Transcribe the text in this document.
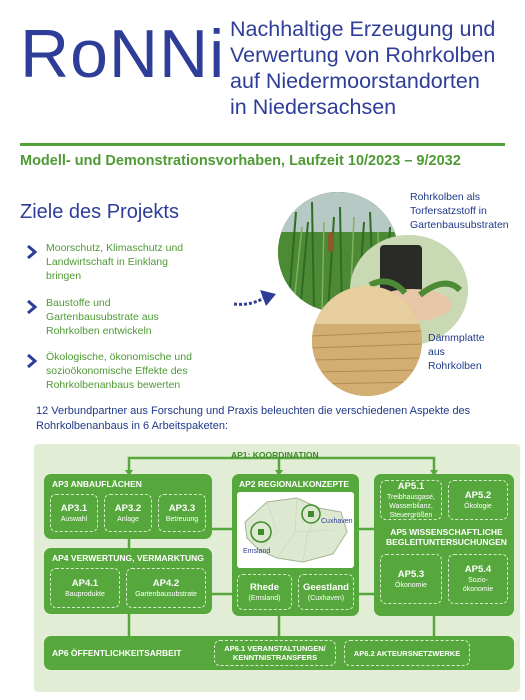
RoNNi Nachhaltige Erzeugung und
Verwertung von Rohrkolben
auf Niedermoorstandorten
in Niedersachsen
Modell- und Demonstrationsvorhaben, Laufzeit 10/2023 – 9/2032
Ziele des Projekts
Moorschutz, Klimaschutz und
Landwirtschaft in Einklang
bringen
Baustoffe und
Gartenbausubstrate aus
Rohrkolben entwickeln
Ökologische, ökonomische und
sozioökonomische Effekte des
Rohrkolbenanbaus bewerten
Rohrkolben als
Torfersatzstoff in
Gartenbausubstraten
Dämmplatte
aus
Rohrkolben
12 Verbundpartner aus Forschung und Praxis beleuchten die verschiedenen Aspekte des
Rohrkolbenanbaus in 6 Arbeitspaketen:
AP1: KOORDINATION
AP3 ANBAUFLÄCHEN
AP3.1
Auswahl
AP3.2
Anlage
AP3.3
Betreuung
AP4 VERWERTUNG, VERMARKTUNG
AP4.1
Bauprodukte
AP4.2
Gartenbausubstrate
AP2 REGIONALKONZEPTE
Cuxhaven
Emsland
Rhede
(Emsland)
Geestland
(Cuxhaven)
AP5.1
Treibhausgase,
Wasserbilanz,
Steuergrößen
AP5.2
Ökologie
AP5 WISSENSCHAFTLICHE
BEGLEITUNTERSUCHUNGEN
AP5.3
Ökonomie
AP5.4
Sozio-
ökonomie
AP6 ÖFFENTLICHKEITSARBEIT	AP6.1 VERANSTALTUNGEN/
KENNTNISTRANSFERS	AP6.2 AKTEURSNETZWERKE
